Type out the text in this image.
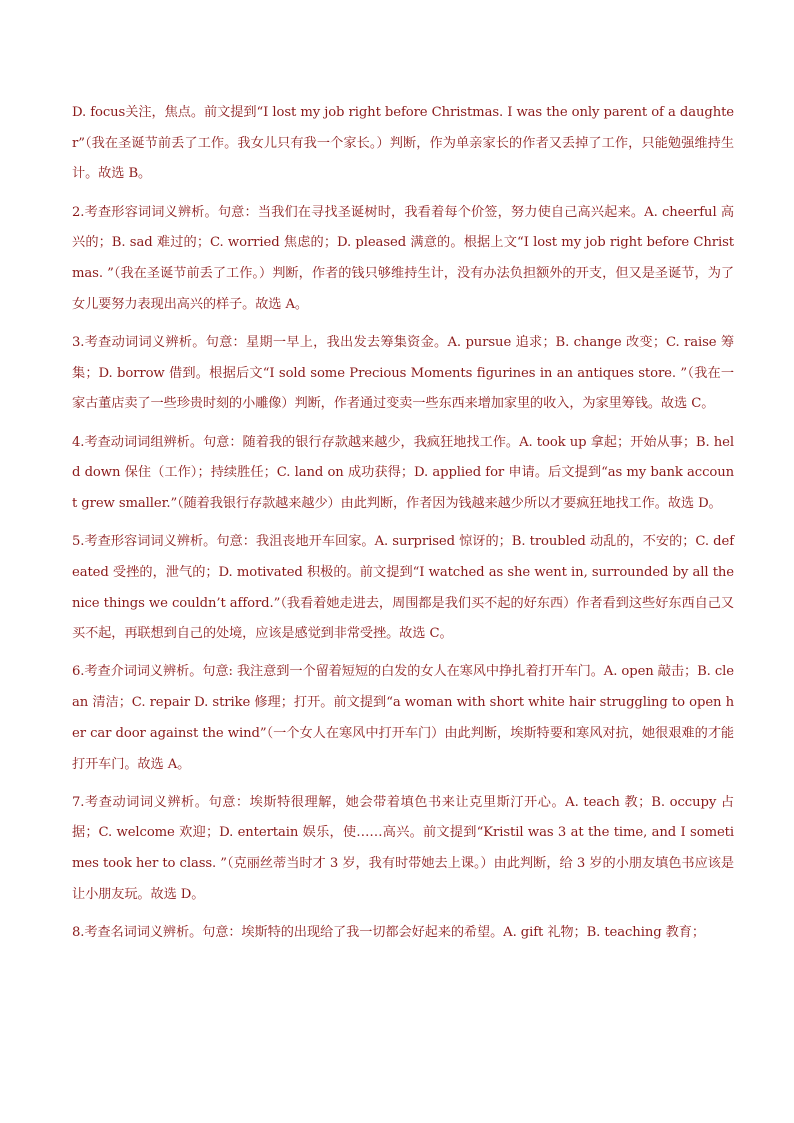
D. focus关注，焦点。前文提到“I lost my job right before Christmas. I was the only parent of a daughter”（我在圣诞节前丢了工作。我女儿只有我一个家长。）判断，作为单亲家长的作者又丢掉了工作，只能勉强维持生计。故选 B。

2.考查形容词词义辨析。句意：当我们在寻找圣诞树时，我看着每个价签，努力使自己高兴起来。A. cheerful 高兴的；B. sad 难过的；C. worried 焦虑的；D. pleased 满意的。根据上文“I lost my job right before Christmas. ”（我在圣诞节前丢了工作。）判断，作者的钱只够维持生计，没有办法负担额外的开支，但又是圣诞节，为了女儿要努力表现出高兴的样子。故选 A。

3.考查动词词义辨析。句意：星期一早上，我出发去筹集资金。A. pursue 追求；B. change 改变；C. raise 筹集；D. borrow 借到。根据后文“I sold some Precious Moments figurines in an antiques store. ”（我在一家古董店卖了一些珍贵时刻的小雕像）判断，作者通过变卖一些东西来增加家里的收入，为家里筹钱。故选 C。

4.考查动词词组辨析。句意：随着我的银行存款越来越少，我疯狂地找工作。A. took up 拿起；开始从事；B. held down 保住（工作）；持续胜任；C. land on 成功获得；D. applied for 申请。后文提到“as my bank account grew smaller.”（随着我银行存款越来越少）由此判断，作者因为钱越来越少所以才要疯狂地找工作。故选 D。

5.考查形容词词义辨析。句意：我沮丧地开车回家。A. surprised 惊讶的；B. troubled 动乱的，不安的；C. defeated 受挫的，泄气的；D. motivated 积极的。前文提到“I watched as she went in, surrounded by all the nice things we couldn’t afford.”（我看着她走进去，周围都是我们买不起的好东西）作者看到这些好东西自己又买不起，再联想到自己的处境，应该是感觉到非常受挫。故选 C。

6.考查介词词义辨析。句意: 我注意到一个留着短短的白发的女人在寒风中挣扎着打开车门。A. open 敲击；B. clean 清洁；C. repair D. strike 修理；打开。前文提到“a woman with short white hair struggling to open her car door against the wind”（一个女人在寒风中打开车门）由此判断，埃斯特要和寒风对抗，她很艰难的才能打开车门。故选 A。

7.考查动词词义辨析。句意：埃斯特很理解，她会带着填色书来让克里斯汀开心。A. teach 教；B. occupy 占据；C. welcome 欢迎；D. entertain 娱乐，使……高兴。前文提到“Kristil was 3 at the time, and I sometimes took her to class. ”（克丽丝蒂当时才 3 岁，我有时带她去上课。）由此判断，给 3 岁的小朋友填色书应该是让小朋友玩。故选 D。

8.考查名词词义辨析。句意：埃斯特的出现给了我一切都会好起来的希望。A. gift 礼物；B. teaching 教育；
